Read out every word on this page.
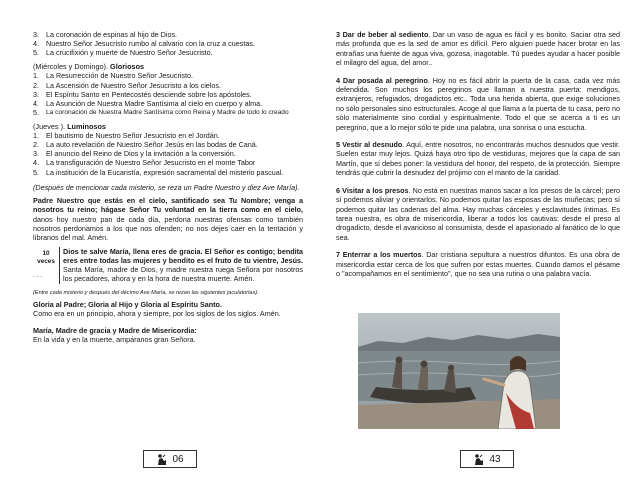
3. La coronación de espinas al hijo de Dios.
4. Nuestro Señor Jesucristo rumbo al calvario con la cruz a cuestas.
5. La crucifixión y muerte de Nuestro Señor Jesucristo.
(Miércoles y Domingo). Gloriosos
1. La Resurrección de Nuestro Señor Jesucristo.
2. La Ascensión de Nuestro Señor Jesucristo a los cielos.
3. El Espíritu Santo en Pentecostés desciende sobre los apóstoles.
4. La Asunción de Nuestra Madre Santísima al cielo en cuerpo y alma.
5.	La coronación de Nuestra Madre Santísima como Reina y Madre de todo lo creado
(Jueves ). Luminosos
1. El bautismo de Nuestro Señor Jesucristo en el Jordán.
2. La auto revelación de Nuestro Señor Jesús en las bodas de Caná.
3. El anuncio del Reino de Dios y la invitación a la conversión.
4. La transfiguración de Nuestro Señor Jesucristo en el monte Tabor
5. La institución de la Eucaristía, expresión sacramental del misterio pascual.
(Después de mencionar cada misterio, se reza un Padre Nuestro y diez Ave María).
Padre Nuestro que estás en el cielo, santificado sea Tu Nombre; venga a nosotros tu reino; hágase Señor Tu voluntad en la tierra como en el cielo, danos hoy nuestro pan de cada día, perdona nuestras ofensas como también nosotros perdonamos a los que nos ofenden; no nos dejes caer en la tentación y líbranos del mal. Amén.
10
veces
. . .
Dios te salve María, llena eres de gracia. El Señor es contigo; bendita eres entre todas las mujeres y bendito es el fruto de tu vientre, Jesús. Santa María, madre de Dios, y madre nuestra ruega Señora por nosotros los pecadores, ahora y en la hora de nuestra muerte. Amén.
(Entre cada misterio y después del décimo Ave María, se rezan las siguientes jaculatorias).
Gloria al Padre; Gloria al Hijo y Gloria al Espíritu Santo.
Como era en un principio, ahora y siempre, por los siglos de los siglos. Amén.
María, Madre de gracia y Madre de Misericordia:
En la vida y en la muerte, ampáranos gran Señora.
06
3 Dar de beber al sediento. Dar un vaso de agua es fácil y es bonito. Saciar otra sed más profunda que es la sed de amor es difícil. Pero alguien puede hacer brotar en las entrañas una fuente de agua viva, gozosa, inagotable. Tú puedes ayudar a hacer posible el milagro del agua, del amor..
4 Dar posada al peregrino. Hoy no es fácil abrir la puerta de la casa, cada vez más defendida. Son muchos los peregrinos que llaman a nuestra puerta: mendigos, extranjeros, refugiados, drogadictos etc.. Toda una herida abierta, que exige soluciones no sólo personales sino estructurales. Acoge al que llama a la puerta de tu casa, pero no sólo materialmente sino cordial y espiritualmente. Todo el que se acerca a ti es un peregrino, que a lo mejor sólo te pide una palabra, una sonrisa o una escucha.
5 Vestir al desnudo. Aquí, entre nosotros, no encontrarás muchos desnudos que vestir. Suelen estar muy lejos. Quizá haya otro tipo de vestiduras, mejores que la capa de san Martín, que sí debes poner: la vestidura del honor, del respeto, de la protección. Siempre tendrás que cubrir la desnudez del prójimo con el manto de la caridad.
6 Visitar a los presos. No está en nuestras manos sacar a los presos de la cárcel; pero sí podemos aliviar y orientarlos. No podemos quitar las esposas de las muñecas; pero sí podemos quitar las cadenas del alma. Hay muchas cárceles y esclavitudes íntimas. Es tarea nuestra, es obra de misericordia, liberar a todos los cautivas: desde el preso al drogadicto, desde el avaricioso al consumista, desde el apasionado al fanático de lo que sea.
7 Enterrar a los muertos. Dar cristiana sepultura a nuestros difuntos. Es una obra de misericordia estar cerca de los que sufren por estas muertes. Cuando damos el pésame o "acompañamos en el sentimiento", que no sea una rutina o una palabra vacía.
43
